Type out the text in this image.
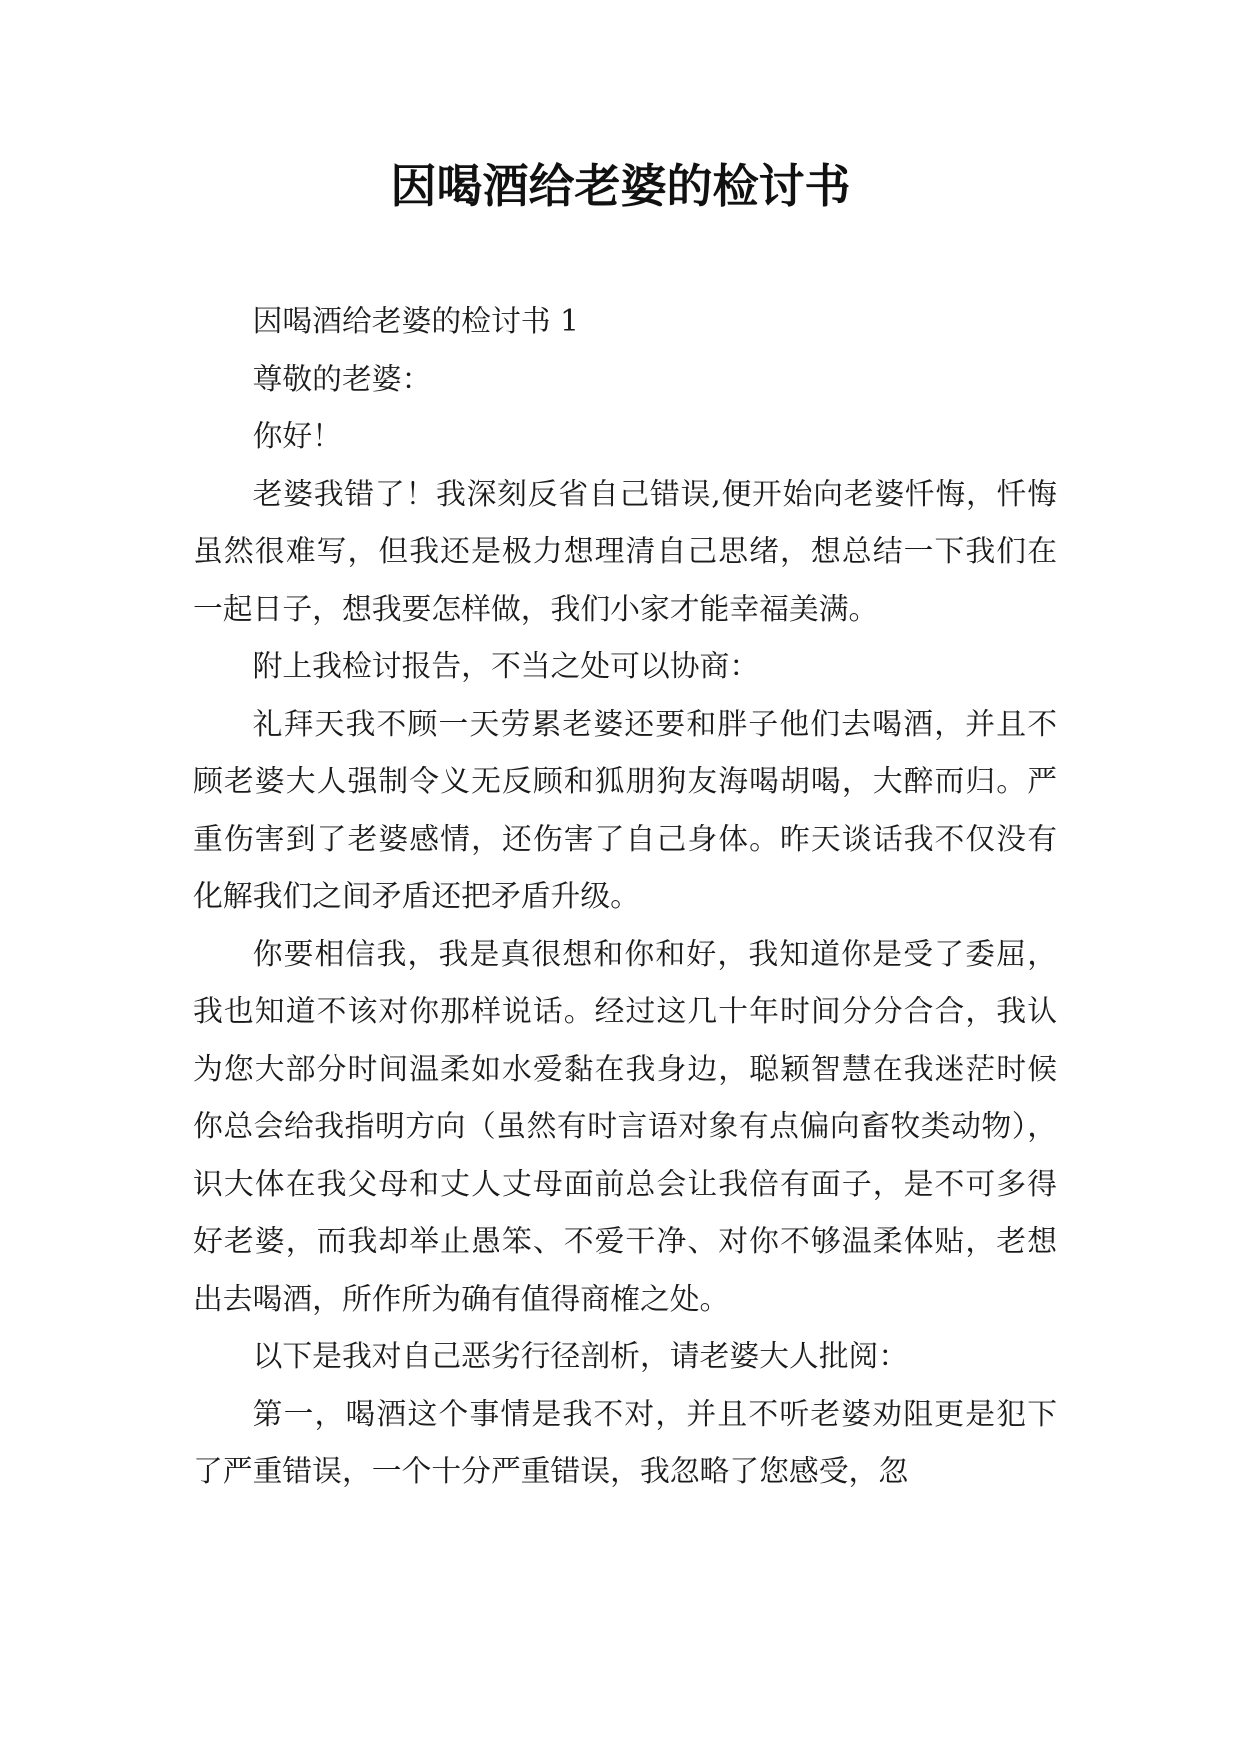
因喝酒给老婆的检讨书

因喝酒给老婆的检讨书 1

尊敬的老婆：

你好！

老婆我错了！我深刻反省自己错误,便开始向老婆忏悔，忏悔虽然很难写，但我还是极力想理清自己思绪，想总结一下我们在一起日子，想我要怎样做，我们小家才能幸福美满。

附上我检讨报告，不当之处可以协商：

礼拜天我不顾一天劳累老婆还要和胖子他们去喝酒，并且不顾老婆大人强制令义无反顾和狐朋狗友海喝胡喝，大醉而归。严重伤害到了老婆感情，还伤害了自己身体。昨天谈话我不仅没有化解我们之间矛盾还把矛盾升级。

你要相信我，我是真很想和你和好，我知道你是受了委屈，我也知道不该对你那样说话。经过这几十年时间分分合合，我认为您大部分时间温柔如水爱黏在我身边，聪颖智慧在我迷茫时候你总会给我指明方向（虽然有时言语对象有点偏向畜牧类动物），识大体在我父母和丈人丈母面前总会让我倍有面子，是不可多得好老婆，而我却举止愚笨、不爱干净、对你不够温柔体贴，老想出去喝酒，所作所为确有值得商榷之处。

以下是我对自己恶劣行径剖析，请老婆大人批阅：

第一，喝酒这个事情是我不对，并且不听老婆劝阻更是犯下了严重错误，一个十分严重错误，我忽略了您感受，忽
